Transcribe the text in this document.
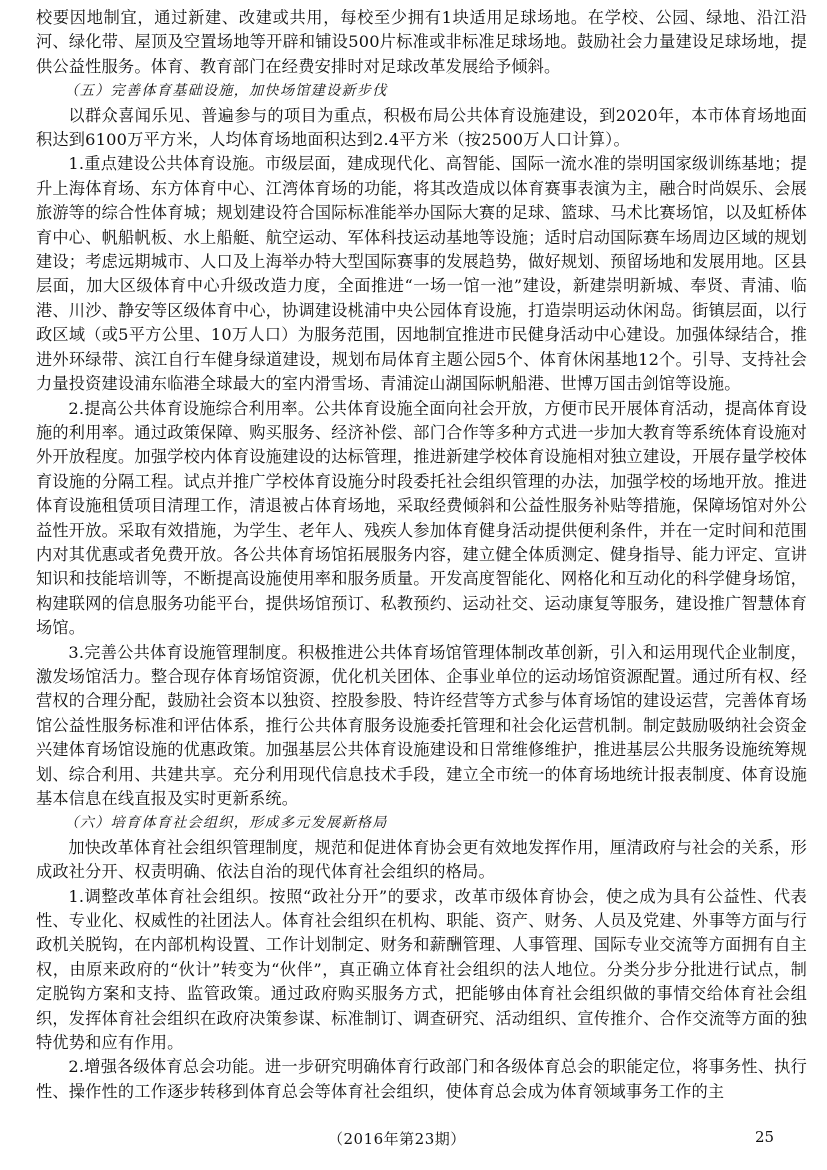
校要因地制宜，通过新建、改建或共用，每校至少拥有1块适用足球场地。在学校、公园、绿地、沿江沿河、绿化带、屋顶及空置场地等开辟和铺设500片标准或非标准足球场地。鼓励社会力量建设足球场地，提供公益性服务。体育、教育部门在经费安排时对足球改革发展给予倾斜。

（五）完善体育基础设施，加快场馆建设新步伐

以群众喜闻乐见、普遍参与的项目为重点，积极布局公共体育设施建设，到2020年，本市体育场地面积达到6100万平方米，人均体育场地面积达到2.4平方米（按2500万人口计算）。

1.重点建设公共体育设施。市级层面，建成现代化、高智能、国际一流水准的崇明国家级训练基地；提升上海体育场、东方体育中心、江湾体育场的功能，将其改造成以体育赛事表演为主，融合时尚娱乐、会展旅游等的综合性体育城；规划建设符合国际标准能举办国际大赛的足球、篮球、马术比赛场馆，以及虹桥体育中心、帆船帆板、水上船艇、航空运动、军体科技运动基地等设施；适时启动国际赛车场周边区域的规划建设；考虑远期城市、人口及上海举办特大型国际赛事的发展趋势，做好规划、预留场地和发展用地。区县层面，加大区级体育中心升级改造力度，全面推进“一场一馆一池”建设，新建崇明新城、奉贤、青浦、临港、川沙、静安等区级体育中心，协调建设桃浦中央公园体育设施，打造崇明运动休闲岛。街镇层面，以行政区域（或5平方公里、10万人口）为服务范围，因地制宜推进市民健身活动中心建设。加强体绿结合，推进外环绿带、滨江自行车健身绿道建设，规划布局体育主题公园5个、体育休闲基地12个。引导、支持社会力量投资建设浦东临港全球最大的室内滑雪场、青浦淀山湖国际帆船港、世博万国击剑馆等设施。

2.提高公共体育设施综合利用率。公共体育设施全面向社会开放，方便市民开展体育活动，提高体育设施的利用率。通过政策保障、购买服务、经济补偿、部门合作等多种方式进一步加大教育等系统体育设施对外开放程度。加强学校内体育设施建设的达标管理，推进新建学校体育设施相对独立建设，开展存量学校体育设施的分隔工程。试点并推广学校体育设施分时段委托社会组织管理的办法，加强学校的场地开放。推进体育设施租赁项目清理工作，清退被占体育场地，采取经费倾斜和公益性服务补贴等措施，保障场馆对外公益性开放。采取有效措施，为学生、老年人、残疾人参加体育健身活动提供便利条件，并在一定时间和范围内对其优惠或者免费开放。各公共体育场馆拓展服务内容，建立健全体质测定、健身指导、能力评定、宣讲知识和技能培训等，不断提高设施使用率和服务质量。开发高度智能化、网格化和互动化的科学健身场馆，构建联网的信息服务功能平台，提供场馆预订、私教预约、运动社交、运动康复等服务，建设推广智慧体育场馆。

3.完善公共体育设施管理制度。积极推进公共体育场馆管理体制改革创新，引入和运用现代企业制度，激发场馆活力。整合现存体育场馆资源，优化机关团体、企事业单位的运动场馆资源配置。通过所有权、经营权的合理分配，鼓励社会资本以独资、控股参股、特许经营等方式参与体育场馆的建设运营，完善体育场馆公益性服务标准和评估体系，推行公共体育服务设施委托管理和社会化运营机制。制定鼓励吸纳社会资金兴建体育场馆设施的优惠政策。加强基层公共体育设施建设和日常维修维护，推进基层公共服务设施统筹规划、综合利用、共建共享。充分利用现代信息技术手段，建立全市统一的体育场地统计报表制度、体育设施基本信息在线直报及实时更新系统。

（六）培育体育社会组织，形成多元发展新格局

加快改革体育社会组织管理制度，规范和促进体育协会更有效地发挥作用，厘清政府与社会的关系，形成政社分开、权责明确、依法自治的现代体育社会组织的格局。

1.调整改革体育社会组织。按照“政社分开”的要求，改革市级体育协会，使之成为具有公益性、代表性、专业化、权威性的社团法人。体育社会组织在机构、职能、资产、财务、人员及党建、外事等方面与行政机关脱钩，在内部机构设置、工作计划制定、财务和薪酬管理、人事管理、国际专业交流等方面拥有自主权，由原来政府的“伙计”转变为“伙伴”，真正确立体育社会组织的法人地位。分类分步分批进行试点，制定脱钩方案和支持、监管政策。通过政府购买服务方式，把能够由体育社会组织做的事情交给体育社会组织，发挥体育社会组织在政府决策参谋、标准制订、调查研究、活动组织、宣传推介、合作交流等方面的独特优势和应有作用。

2.增强各级体育总会功能。进一步研究明确体育行政部门和各级体育总会的职能定位，将事务性、执行性、操作性的工作逐步转移到体育总会等体育社会组织，使体育总会成为体育领域事务工作的主

（2016年第23期）	25
